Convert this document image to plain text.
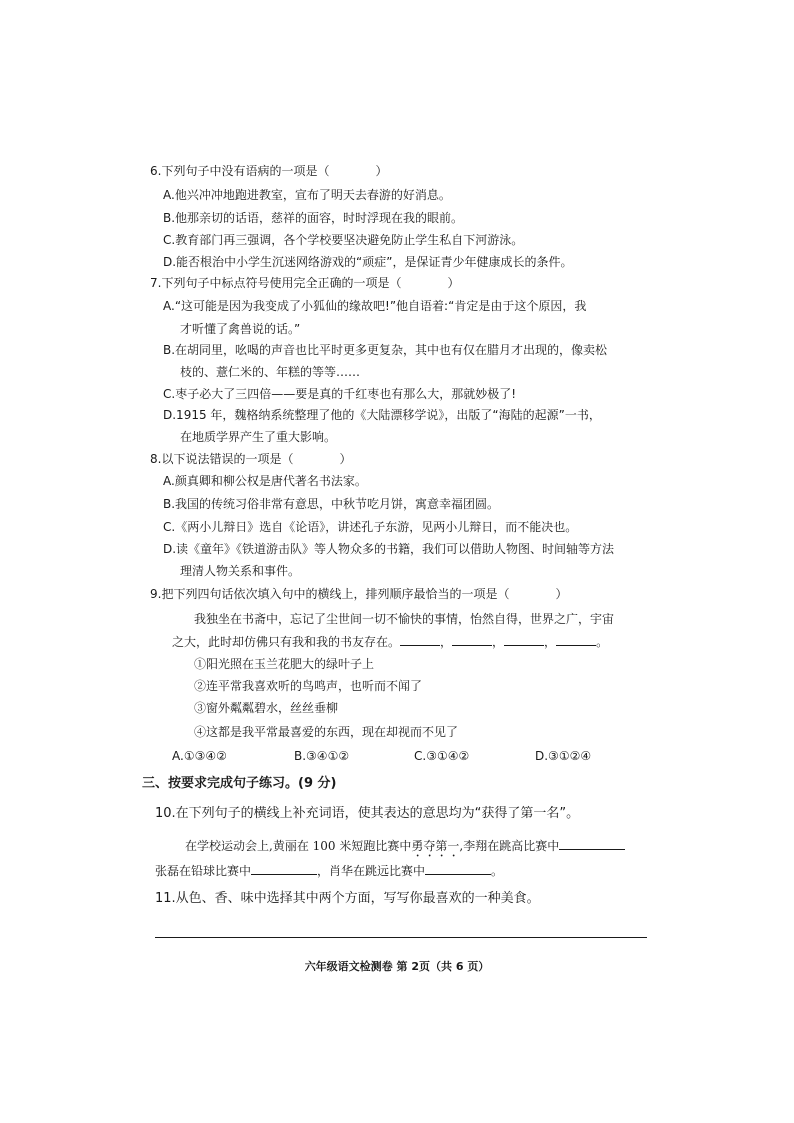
6.下列句子中没有语病的一项是（	）
A.他兴冲冲地跑进教室，宣布了明天去春游的好消息。
B.他那亲切的话语，慈祥的面容，时时浮现在我的眼前。
C.教育部门再三强调，各个学校要坚决避免防止学生私自下河游泳。
D.能否根治中小学生沉迷网络游戏的“顽症”，是保证青少年健康成长的条件。
7.下列句子中标点符号使用完全正确的一项是（	）
A.“这可能是因为我变成了小狐仙的缘故吧!”他自语着:“肯定是由于这个原因，我
才听懂了禽兽说的话。”
B.在胡同里，吆喝的声音也比平时更多更复杂，其中也有仅在腊月才出现的，像卖松
枝的、薏仁米的、年糕的等等……
C.枣子必大了三四倍——要是真的千红枣也有那么大，那就妙极了!
D.1915 年，魏格纳系统整理了他的《大陆漂移学说》，出版了“海陆的起源”一书，
在地质学界产生了重大影响。
8.以下说法错误的一项是（	）
A.颜真卿和柳公权是唐代著名书法家。
B.我国的传统习俗非常有意思，中秋节吃月饼，寓意幸福团圆。
C.《两小儿辩日》选自《论语》，讲述孔子东游，见两小儿辩日，而不能决也。
D.读《童年》《铁道游击队》等人物众多的书籍，我们可以借助人物图、时间轴等方法
理清人物关系和事件。
9.把下列四句话依次填入句中的横线上，排列顺序最恰当的一项是（	）
我独坐在书斋中，忘记了尘世间一切不愉快的事情，怡然自得，世界之广，宇宙
之大，此时却仿佛只有我和我的书友存在。	，	，	，	。
①阳光照在玉兰花肥大的绿叶子上
②连平常我喜欢听的鸟鸣声，也听而不闻了
③窗外粼粼碧水，丝丝垂柳
④这都是我平常最喜爱的东西，现在却视而不见了
A.①③④②	B.③④①②	C.③①④②	D.③①②④
三、按要求完成句子练习。(9 分)
10.在下列句子的横线上补充词语，使其表达的意思均为“获得了第一名”。
在学校运动会上,黄丽在 100 米短跑比赛中勇夺第一,李翔在跳高比赛中
张磊在铅球比赛中	，肖华在跳远比赛中	。
11.从色、香、味中选择其中两个方面，写写你最喜欢的一种美食。
六年级语文检测卷 第 2页（共 6 页）
